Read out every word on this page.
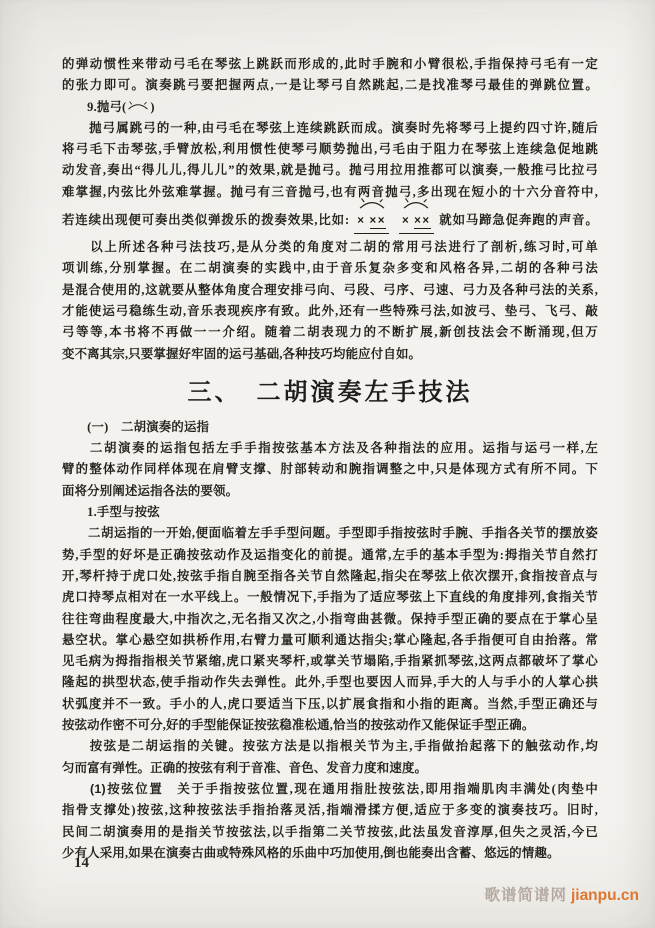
的弹动惯性来带动弓毛在琴弦上跳跃而形成的,此时手腕和小臂很松,手指保持弓毛有一定
的张力即可。演奏跳弓要把握两点,一是让琴弓自然跳起,二是找准琴弓最佳的弹跳位置。
　　9.抛弓( )
　　抛弓属跳弓的一种,由弓毛在琴弦上连续跳跃而成。演奏时先将琴弓上提约四寸许,随后
将弓毛下击琴弦,手臂放松,利用惯性使琴弓顺势抛出,弓毛由于阻力在琴弦上连续急促地跳
动发音,奏出“得儿儿,得儿儿”的效果,就是抛弓。抛弓用拉用推都可以演奏,一般推弓比拉弓
难掌握,内弦比外弦难掌握。抛弓有三音抛弓,也有两音抛弓,多出现在短小的十六分音符中,
若连续出现便可奏出类似弹拨乐的拨奏效果,比如: × ×× × ×× 就如马蹄急促奔跑的声音。
　　以上所述各种弓法技巧,是从分类的角度对二胡的常用弓法进行了剖析,练习时,可单
项训练,分别掌握。在二胡演奏的实践中,由于音乐复杂多变和风格各异,二胡的各种弓法
是混合使用的,这就要从整体角度合理安排弓向、弓段、弓序、弓速、弓力及各种弓法的关系,
才能使运弓稳练生动,音乐表现疾序有致。此外,还有一些特殊弓法,如波弓、垫弓、飞弓、敲
弓等等,本书将不再做一一介绍。随着二胡表现力的不断扩展,新创技法会不断涌现,但万
变不离其宗,只要掌握好牢固的运弓基础,各种技巧均能应付自如。
三、　二胡演奏左手技法
　　(一)　二胡演奏的运指
　　二胡演奏的运指包括左手手指按弦基本方法及各种指法的应用。运指与运弓一样,左
臂的整体动作同样体现在肩臂支撑、肘部转动和腕指调整之中,只是体现方式有所不同。下
面将分别阐述运指各法的要领。
　　1.手型与按弦
　　二胡运指的一开始,便面临着左手手型问题。手型即手指按弦时手腕、手指各关节的摆放姿
势,手型的好坏是正确按弦动作及运指变化的前提。通常,左手的基本手型为:拇指关节自然打
开,琴杆持于虎口处,按弦手指自腕至指各关节自然隆起,指尖在琴弦上依次摆开,食指按音点与
虎口持琴点相对在一水平线上。一般情况下,手指为了适应琴弦上下直线的角度排列,食指关节
往往弯曲程度最大,中指次之,无名指又次之,小指弯曲甚微。保持手型正确的要点在于掌心呈
悬空状。掌心悬空如拱桥作用,右臂力量可顺利通达指尖;掌心隆起,各手指便可自由抬落。常
见毛病为拇指指根关节紧缩,虎口紧夹琴杆,或掌关节塌陷,手指紧抓琴弦,这两点都破坏了掌心
隆起的拱型状态,使手指动作失去弹性。此外,手型也要因人而异,手大的人与手小的人掌心拱
状弧度并不一致。手小的人,虎口要适当下压,以扩展食指和小指的距离。当然,手型正确还与
按弦动作密不可分,好的手型能保证按弦稳准松通,恰当的按弦动作又能保证手型正确。
　　按弦是二胡运指的关键。按弦方法是以指根关节为主,手指做抬起落下的触弦动作,均
匀而富有弹性。正确的按弦有利于音准、音色、发音力度和速度。
　　(1)按弦位置　关于手指按弦位置,现在通用指肚按弦法,即用指端肌肉丰满处(肉垫中
指骨支撑处)按弦,这种按弦法手指抬落灵活,指端滑揉方便,适应于多变的演奏技巧。旧时,
民间二胡演奏用的是指关节按弦法,以手指第二关节按弦,此法虽发音淳厚,但失之灵活,今已
少有人采用,如果在演奏古曲或特殊风格的乐曲中巧加使用,倒也能奏出含蓄、悠远的情趣。
14
歌谱简谱网 jianpu.cn
